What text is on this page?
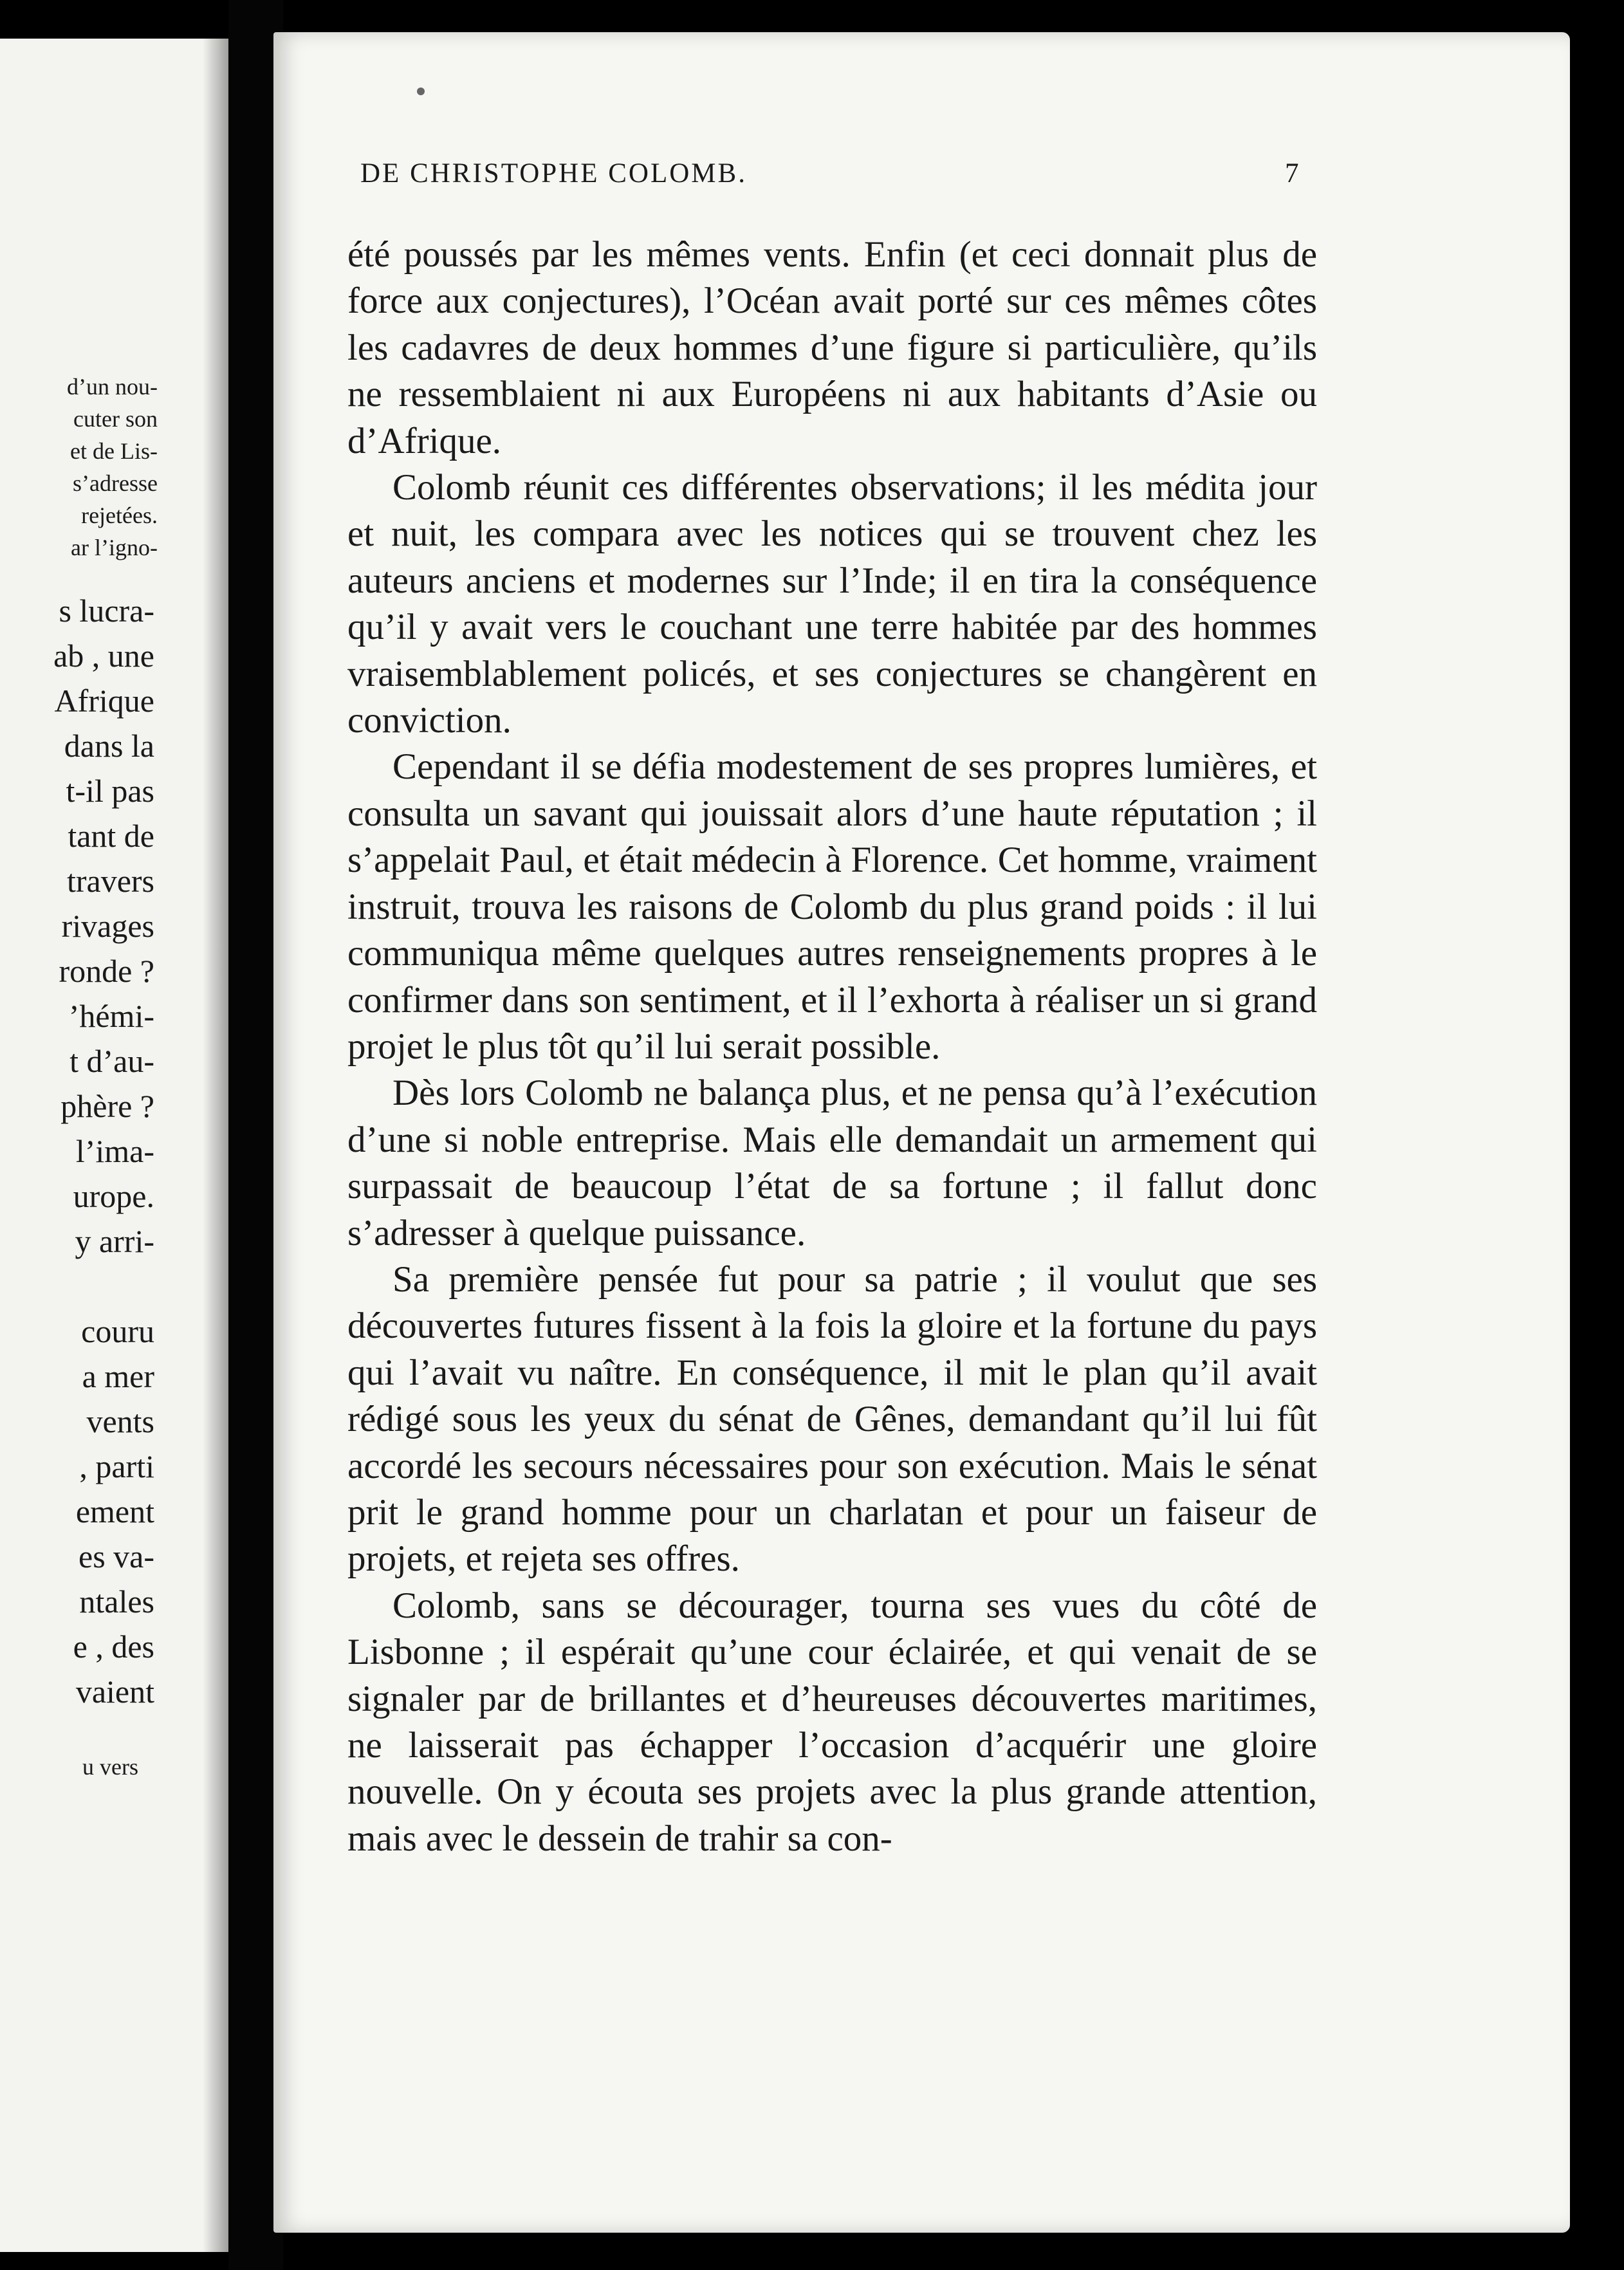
d’un nou-
cuter son
et de Lis-
s’adresse
rejetées.
ar l’igno-
s lucra-
ab , une
Afrique
dans la
t-il pas
tant de
travers
rivages
ronde ?
’hémi-
t d’au-
phère ?
l’ima-
urope.
y arri-
couru
a mer
vents
, parti
ement
es va-
ntales
e , des
vaient
u vers
DE CHRISTOPHE COLOMB.	7

été poussés par les mêmes vents. Enfin (et ceci donnait plus de force aux conjectures), l’Océan avait porté sur ces mêmes côtes les cadavres de deux hommes d’une figure si particulière, qu’ils ne ressemblaient ni aux Européens ni aux habitants d’Asie ou d’Afrique.

Colomb réunit ces différentes observations; il les médita jour et nuit, les compara avec les notices qui se trouvent chez les auteurs anciens et modernes sur l’Inde; il en tira la conséquence qu’il y avait vers le couchant une terre habitée par des hommes vraisemblablement policés, et ses conjectures se changèrent en conviction.

Cependant il se défia modestement de ses propres lumières, et consulta un savant qui jouissait alors d’une haute réputation ; il s’appelait Paul, et était médecin à Florence. Cet homme, vraiment instruit, trouva les raisons de Colomb du plus grand poids : il lui communiqua même quelques autres renseignements propres à le confirmer dans son sentiment, et il l’exhorta à réaliser un si grand projet le plus tôt qu’il lui serait possible.

Dès lors Colomb ne balança plus, et ne pensa qu’à l’exécution d’une si noble entreprise. Mais elle demandait un armement qui surpassait de beaucoup l’état de sa fortune ; il fallut donc s’adresser à quelque puissance.

Sa première pensée fut pour sa patrie ; il voulut que ses découvertes futures fissent à la fois la gloire et la fortune du pays qui l’avait vu naître. En conséquence, il mit le plan qu’il avait rédigé sous les yeux du sénat de Gênes, demandant qu’il lui fût accordé les secours nécessaires pour son exécution. Mais le sénat prit le grand homme pour un charlatan et pour un faiseur de projets, et rejeta ses offres.

Colomb, sans se décourager, tourna ses vues du côté de Lisbonne ; il espérait qu’une cour éclairée, et qui venait de se signaler par de brillantes et d’heureuses découvertes maritimes, ne laisserait pas échapper l’occasion d’acquérir une gloire nouvelle. On y écouta ses projets avec la plus grande attention, mais avec le dessein de trahir sa con-
